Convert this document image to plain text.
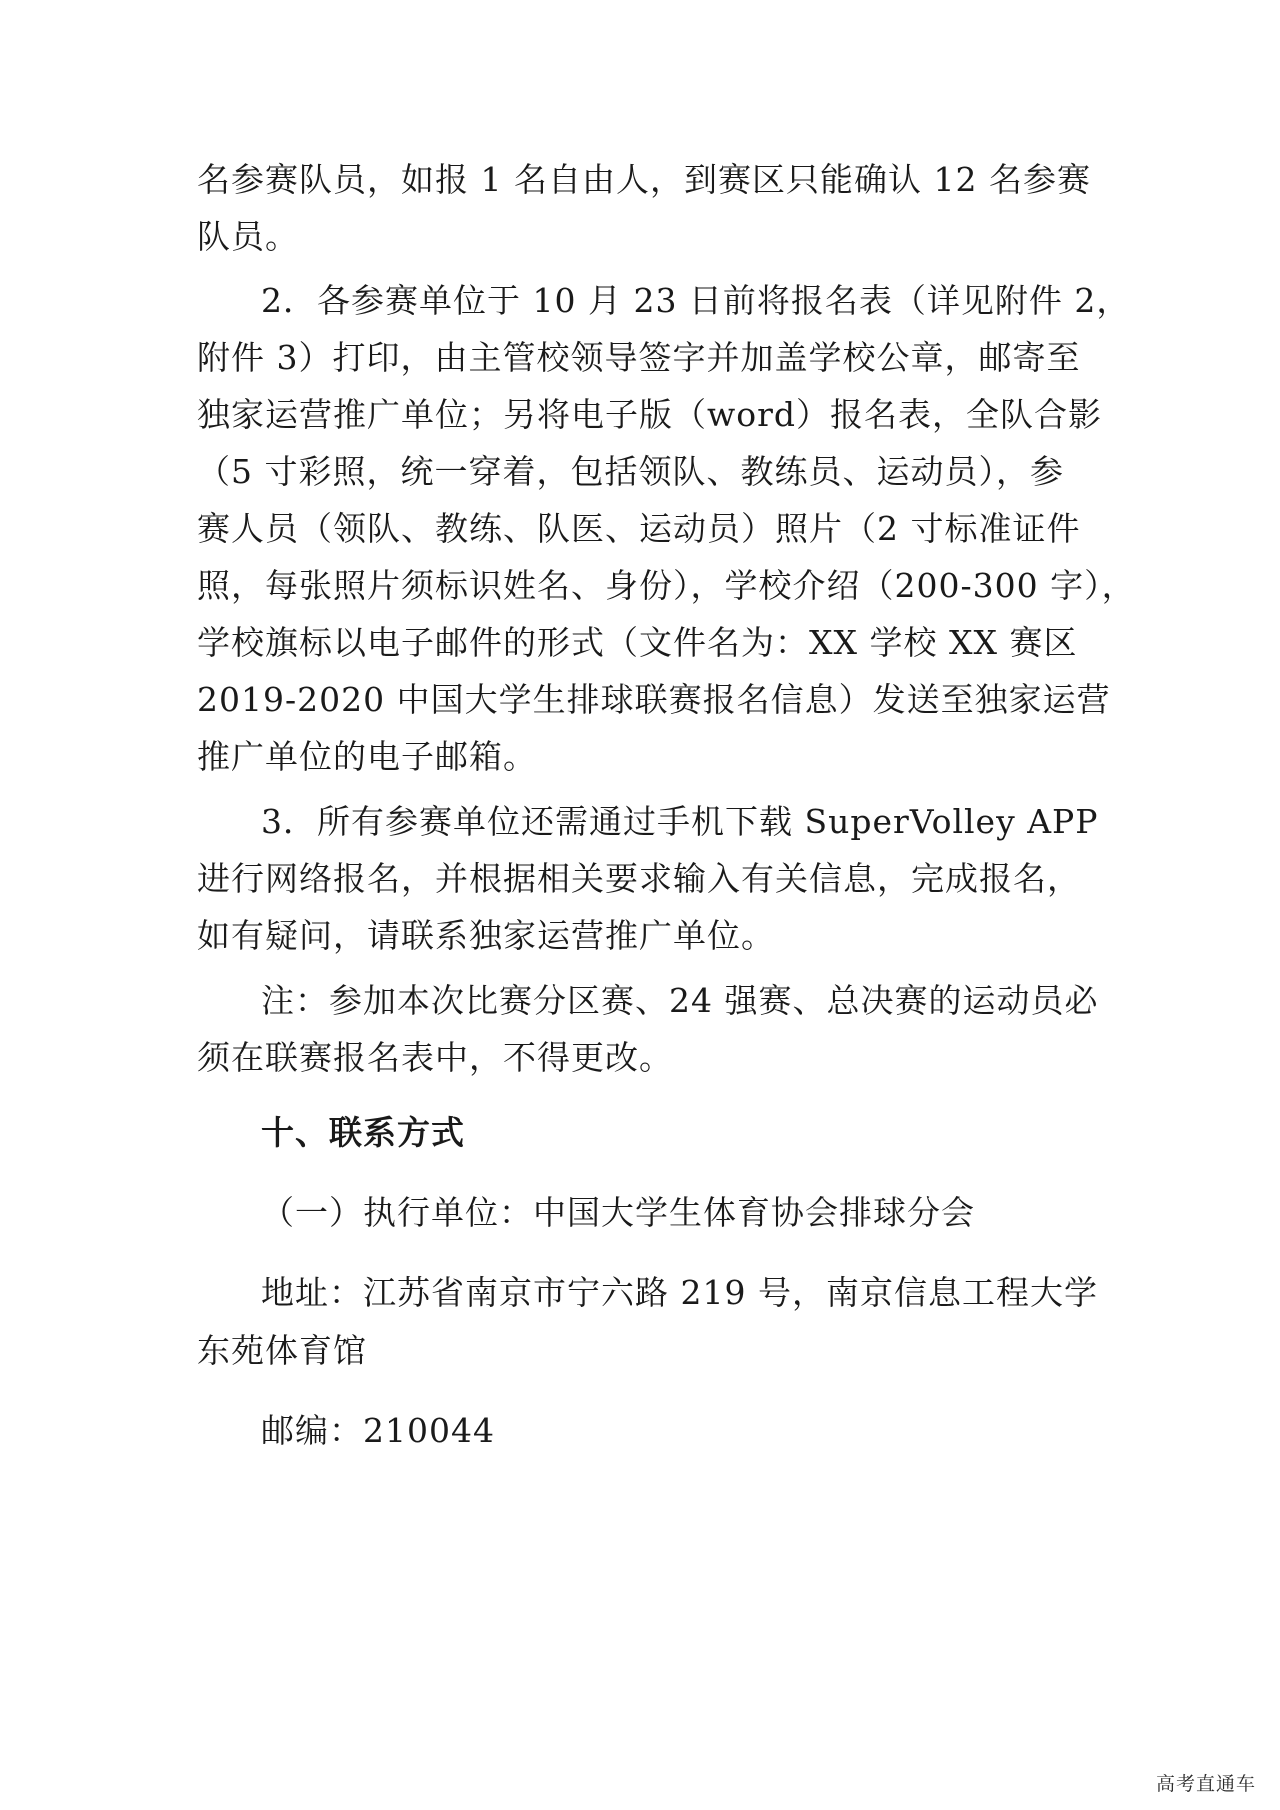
名参赛队员，如报 1 名自由人，到赛区只能确认 12 名参赛
队员。
2．各参赛单位于 10 月 23 日前将报名表（详见附件 2，
附件 3）打印，由主管校领导签字并加盖学校公章，邮寄至
独家运营推广单位；另将电子版（word）报名表，全队合影
（5 寸彩照，统一穿着，包括领队、教练员、运动员），参
赛人员（领队、教练、队医、运动员）照片（2 寸标准证件
照，每张照片须标识姓名、身份），学校介绍（200-300 字），
学校旗标以电子邮件的形式（文件名为：XX 学校 XX 赛区
2019-2020 中国大学生排球联赛报名信息）发送至独家运营
推广单位的电子邮箱。
3．所有参赛单位还需通过手机下载 SuperVolley APP
进行网络报名，并根据相关要求输入有关信息，完成报名，
如有疑问，请联系独家运营推广单位。
注：参加本次比赛分区赛、24 强赛、总决赛的运动员必
须在联赛报名表中，不得更改。
十、联系方式
（一）执行单位：中国大学生体育协会排球分会
地址：江苏省南京市宁六路 219 号，南京信息工程大学
东苑体育馆
邮编：210044
高考直通车
